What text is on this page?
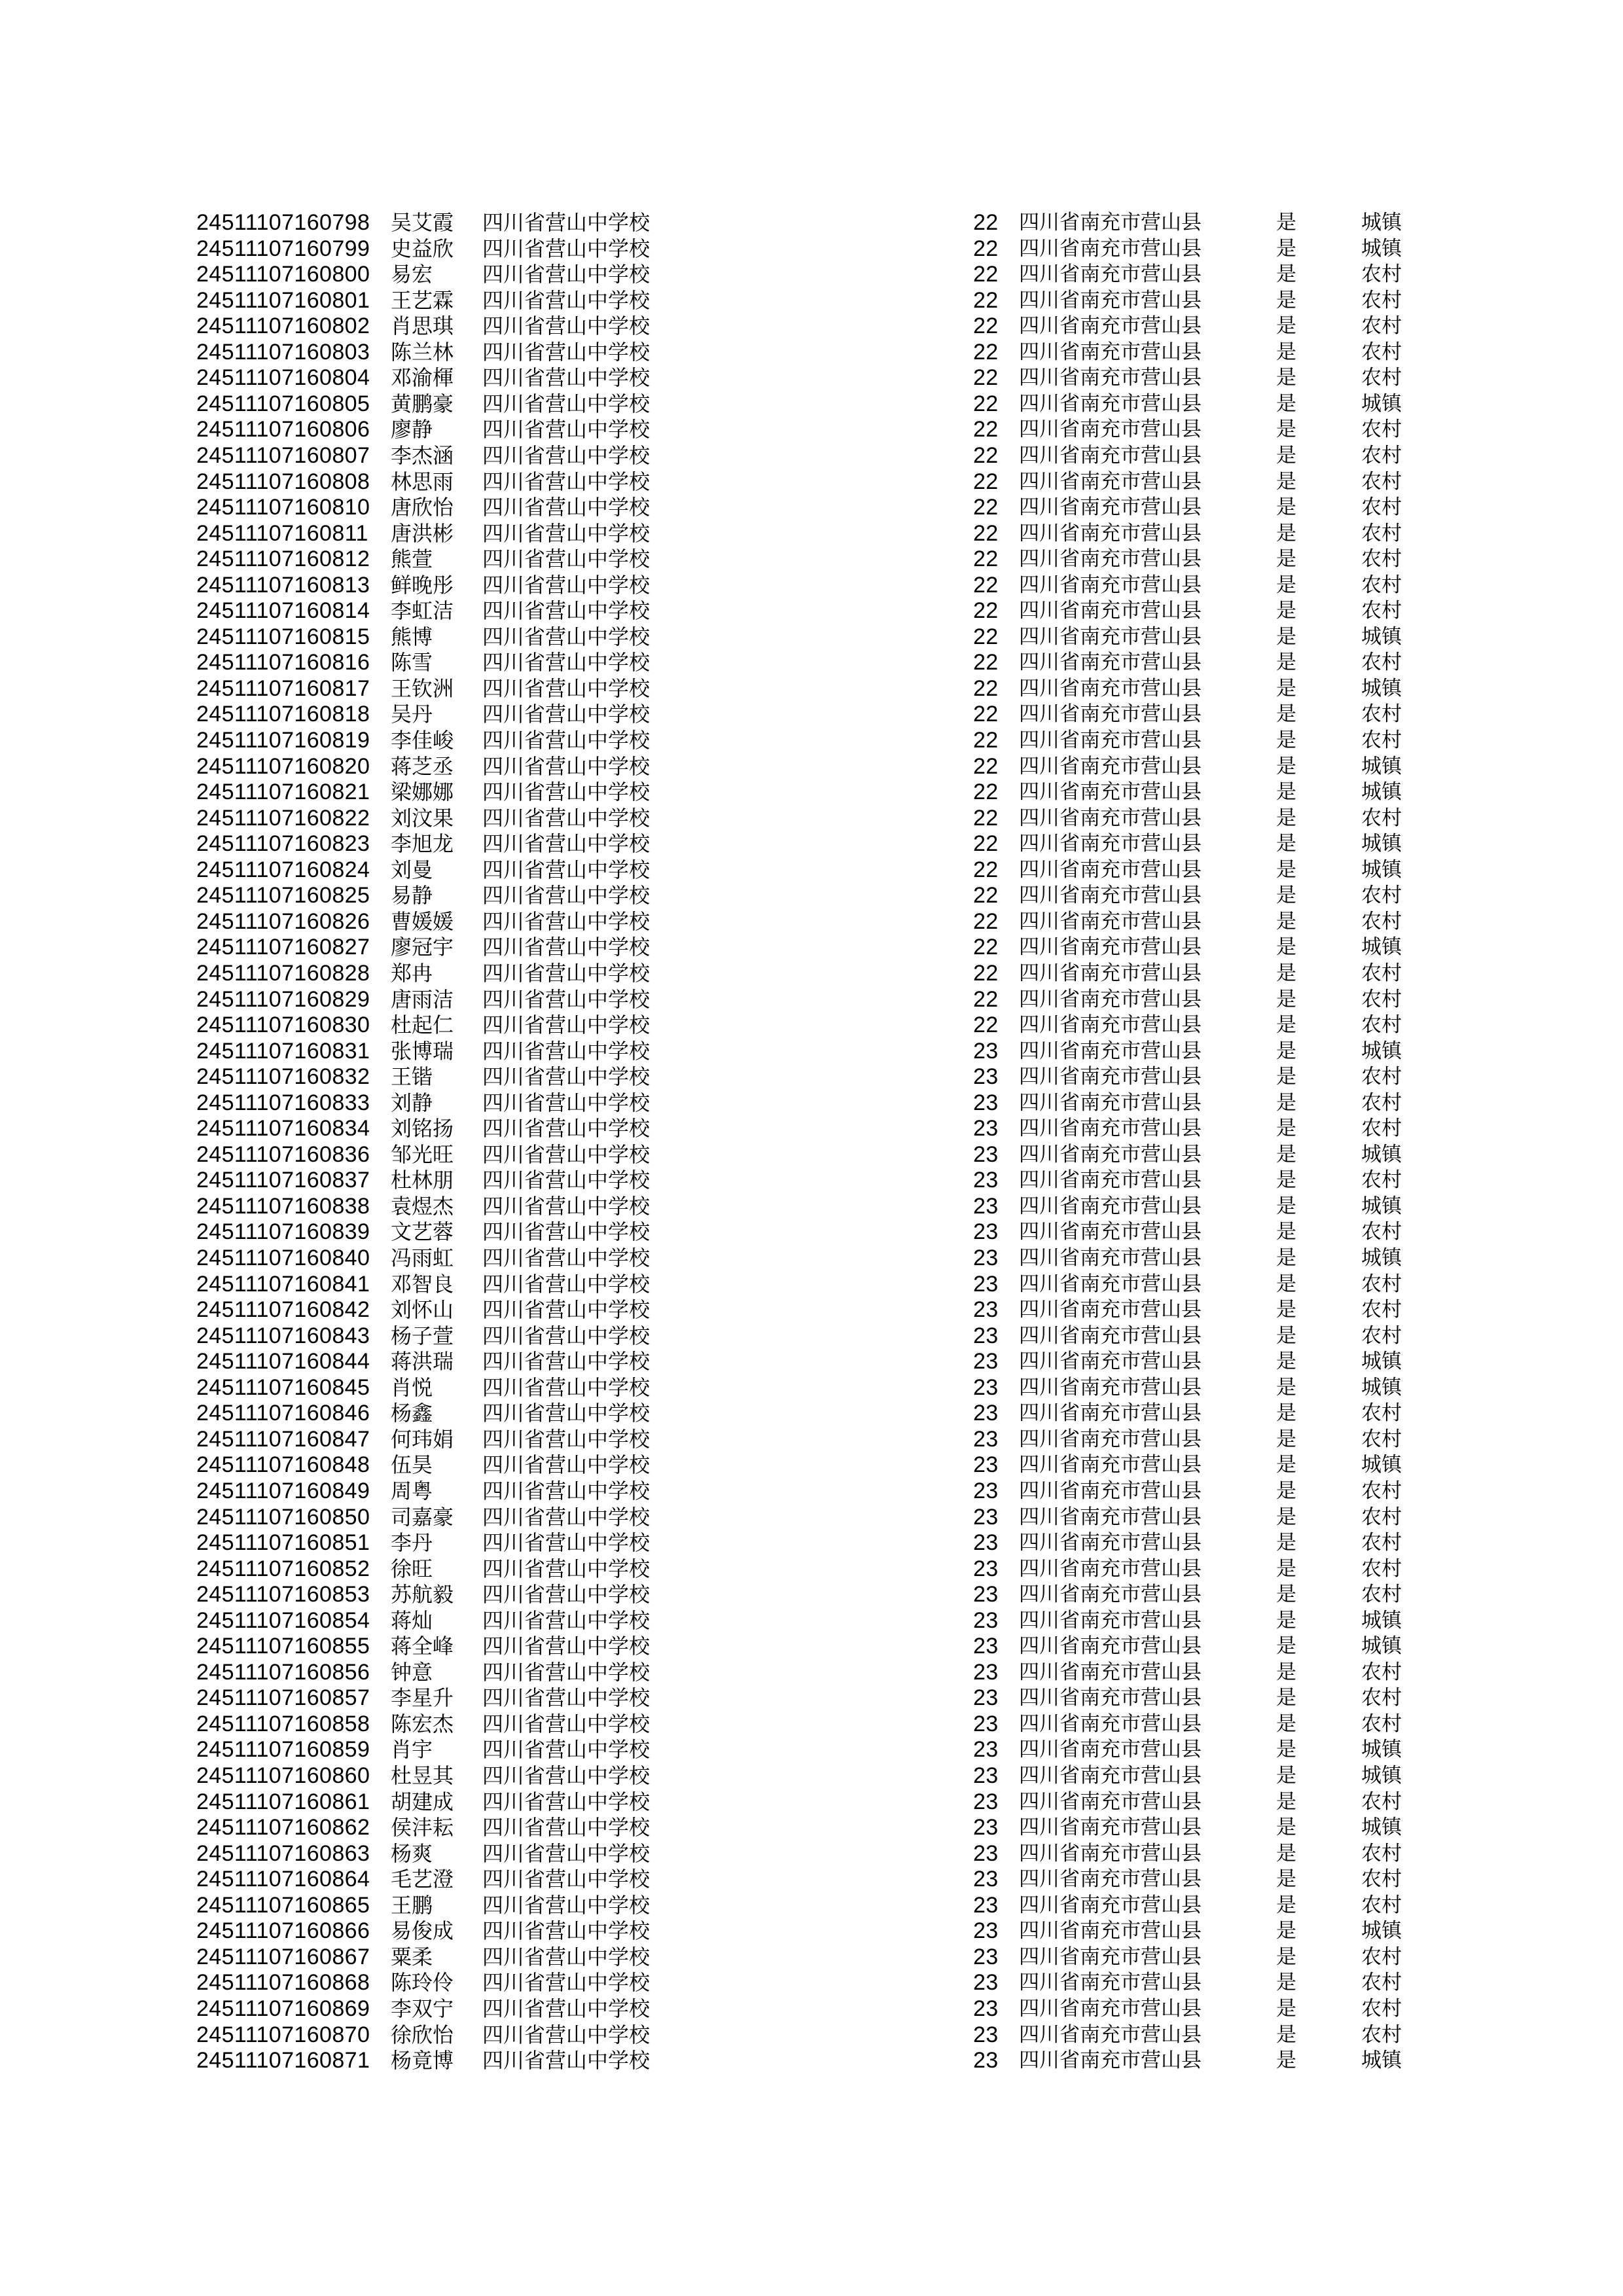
24511107160798 吴艾霞 四川省营山中学校	22 四川省南充市营山县	是	城镇
24511107160799 史益欣 四川省营山中学校	22 四川省南充市营山县	是	城镇
24511107160800 易宏 四川省营山中学校	22 四川省南充市营山县	是	农村
24511107160801 王艺霖 四川省营山中学校	22 四川省南充市营山县	是	农村
24511107160802 肖思琪 四川省营山中学校	22 四川省南充市营山县	是	农村
24511107160803 陈兰林 四川省营山中学校	22 四川省南充市营山县	是	农村
24511107160804 邓渝楎 四川省营山中学校	22 四川省南充市营山县	是	农村
24511107160805 黄鹏豪 四川省营山中学校	22 四川省南充市营山县	是	城镇
24511107160806 廖静 四川省营山中学校	22 四川省南充市营山县	是	农村
24511107160807 李杰涵 四川省营山中学校	22 四川省南充市营山县	是	农村
24511107160808 林思雨 四川省营山中学校	22 四川省南充市营山县	是	农村
24511107160810 唐欣怡 四川省营山中学校	22 四川省南充市营山县	是	农村
24511107160811 唐洪彬 四川省营山中学校	22 四川省南充市营山县	是	农村
24511107160812 熊萱 四川省营山中学校	22 四川省南充市营山县	是	农村
24511107160813 鲜晚彤 四川省营山中学校	22 四川省南充市营山县	是	农村
24511107160814 李虹洁 四川省营山中学校	22 四川省南充市营山县	是	农村
24511107160815 熊博 四川省营山中学校	22 四川省南充市营山县	是	城镇
24511107160816 陈雪 四川省营山中学校	22 四川省南充市营山县	是	农村
24511107160817 王钦洲 四川省营山中学校	22 四川省南充市营山县	是	城镇
24511107160818 吴丹 四川省营山中学校	22 四川省南充市营山县	是	农村
24511107160819 李佳峻 四川省营山中学校	22 四川省南充市营山县	是	农村
24511107160820 蒋芝丞 四川省营山中学校	22 四川省南充市营山县	是	城镇
24511107160821 梁娜娜 四川省营山中学校	22 四川省南充市营山县	是	城镇
24511107160822 刘汶果 四川省营山中学校	22 四川省南充市营山县	是	农村
24511107160823 李旭龙 四川省营山中学校	22 四川省南充市营山县	是	城镇
24511107160824 刘曼 四川省营山中学校	22 四川省南充市营山县	是	城镇
24511107160825 易静 四川省营山中学校	22 四川省南充市营山县	是	农村
24511107160826 曹媛媛 四川省营山中学校	22 四川省南充市营山县	是	农村
24511107160827 廖冠宇 四川省营山中学校	22 四川省南充市营山县	是	城镇
24511107160828 郑冉 四川省营山中学校	22 四川省南充市营山县	是	农村
24511107160829 唐雨洁 四川省营山中学校	22 四川省南充市营山县	是	农村
24511107160830 杜起仁 四川省营山中学校	22 四川省南充市营山县	是	农村
24511107160831 张博瑞 四川省营山中学校	23 四川省南充市营山县	是	城镇
24511107160832 王锴 四川省营山中学校	23 四川省南充市营山县	是	农村
24511107160833 刘静 四川省营山中学校	23 四川省南充市营山县	是	农村
24511107160834 刘铭扬 四川省营山中学校	23 四川省南充市营山县	是	农村
24511107160836 邹光旺 四川省营山中学校	23 四川省南充市营山县	是	城镇
24511107160837 杜林朋 四川省营山中学校	23 四川省南充市营山县	是	农村
24511107160838 袁煜杰 四川省营山中学校	23 四川省南充市营山县	是	城镇
24511107160839 文艺蓉 四川省营山中学校	23 四川省南充市营山县	是	农村
24511107160840 冯雨虹 四川省营山中学校	23 四川省南充市营山县	是	城镇
24511107160841 邓智良 四川省营山中学校	23 四川省南充市营山县	是	农村
24511107160842 刘怀山 四川省营山中学校	23 四川省南充市营山县	是	农村
24511107160843 杨子萱 四川省营山中学校	23 四川省南充市营山县	是	农村
24511107160844 蒋洪瑞 四川省营山中学校	23 四川省南充市营山县	是	城镇
24511107160845 肖悦 四川省营山中学校	23 四川省南充市营山县	是	城镇
24511107160846 杨鑫 四川省营山中学校	23 四川省南充市营山县	是	农村
24511107160847 何玮娟 四川省营山中学校	23 四川省南充市营山县	是	农村
24511107160848 伍昊 四川省营山中学校	23 四川省南充市营山县	是	城镇
24511107160849 周粤 四川省营山中学校	23 四川省南充市营山县	是	农村
24511107160850 司嘉豪 四川省营山中学校	23 四川省南充市营山县	是	农村
24511107160851 李丹 四川省营山中学校	23 四川省南充市营山县	是	农村
24511107160852 徐旺 四川省营山中学校	23 四川省南充市营山县	是	农村
24511107160853 苏航毅 四川省营山中学校	23 四川省南充市营山县	是	农村
24511107160854 蒋灿 四川省营山中学校	23 四川省南充市营山县	是	城镇
24511107160855 蒋全峰 四川省营山中学校	23 四川省南充市营山县	是	城镇
24511107160856 钟意 四川省营山中学校	23 四川省南充市营山县	是	农村
24511107160857 李星升 四川省营山中学校	23 四川省南充市营山县	是	农村
24511107160858 陈宏杰 四川省营山中学校	23 四川省南充市营山县	是	农村
24511107160859 肖宇 四川省营山中学校	23 四川省南充市营山县	是	城镇
24511107160860 杜昱其 四川省营山中学校	23 四川省南充市营山县	是	城镇
24511107160861 胡建成 四川省营山中学校	23 四川省南充市营山县	是	农村
24511107160862 侯沣耘 四川省营山中学校	23 四川省南充市营山县	是	城镇
24511107160863 杨爽 四川省营山中学校	23 四川省南充市营山县	是	农村
24511107160864 毛艺澄 四川省营山中学校	23 四川省南充市营山县	是	农村
24511107160865 王鹏 四川省营山中学校	23 四川省南充市营山县	是	农村
24511107160866 易俊成 四川省营山中学校	23 四川省南充市营山县	是	城镇
24511107160867 粟柔 四川省营山中学校	23 四川省南充市营山县	是	农村
24511107160868 陈玲伶 四川省营山中学校	23 四川省南充市营山县	是	农村
24511107160869 李双宁 四川省营山中学校	23 四川省南充市营山县	是	农村
24511107160870 徐欣怡 四川省营山中学校	23 四川省南充市营山县	是	农村
24511107160871 杨竟博 四川省营山中学校	23 四川省南充市营山县	是	城镇
